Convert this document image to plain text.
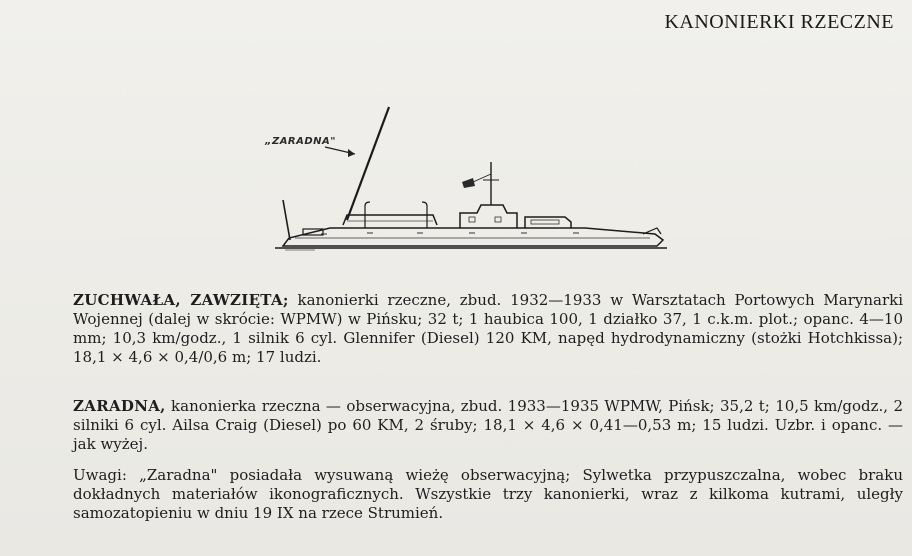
KANONIERKI RZECZNE
„ZARADNA"
ZUCHWAŁA, ZAWZIĘTA; kanonierki rzeczne, zbud. 1932—1933 w Warsztatach Portowych Marynarki Wojennej (dalej w skrócie: WPMW) w Pińsku; 32 t; 1 haubica 100, 1 działko 37, 1 c.k.m. plot.; opanc. 4—10 mm; 10,3 km/godz., 1 silnik 6 cyl. Glennifer (Diesel) 120 KM, napęd hydrodynamiczny (stożki Hotchkissa); 18,1 × 4,6 × 0,4/0,6 m; 17 ludzi.
ZARADNA, kanonierka rzeczna — obserwacyjna, zbud. 1933—1935 WPMW, Pińsk; 35,2 t; 10,5 km/godz., 2 silniki 6 cyl. Ailsa Craig (Diesel) po 60 KM, 2 śruby; 18,1 × 4,6 × 0,41—0,53 m; 15 ludzi. Uzbr. i opanc. — jak wyżej.
Uwagi: „Zaradna" posiadała wysuwaną wieżę obserwacyjną; Sylwetka przypuszczalna, wobec braku dokładnych materiałów ikonograficznych. Wszystkie trzy kanonierki, wraz z kilkoma kutrami, uległy samozatopieniu w dniu 19 IX na rzece Strumień.
